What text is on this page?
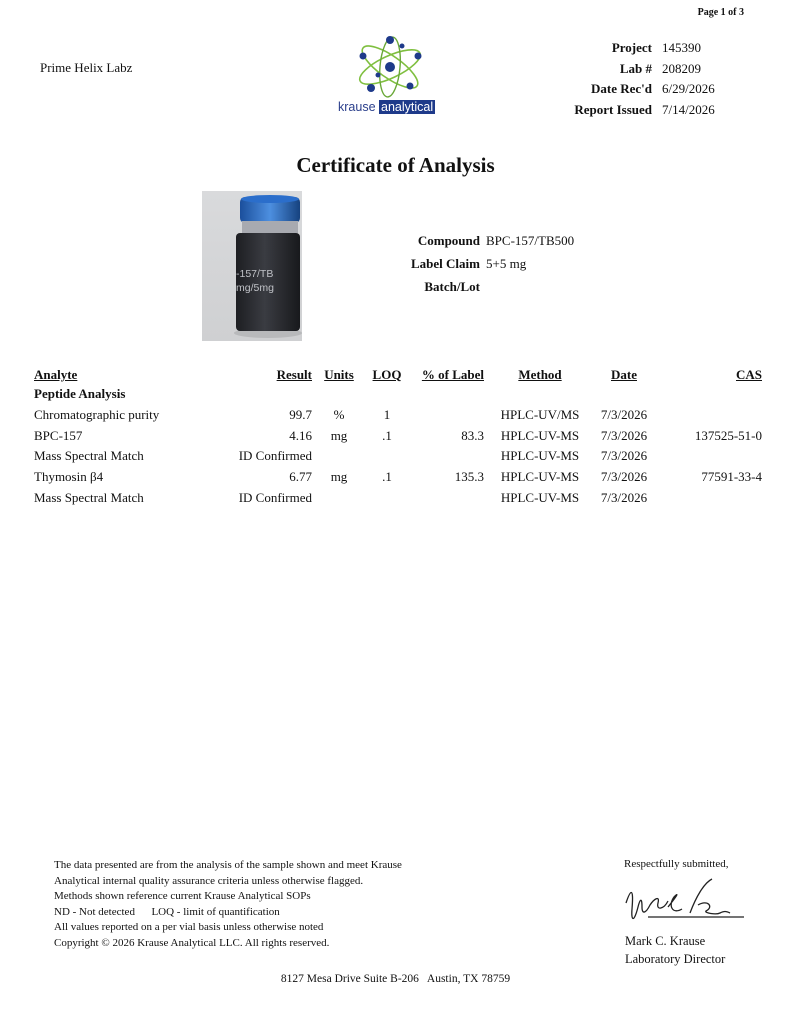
Page 1 of 3
Prime Helix Labz
krause analytical
Project 145390
Lab # 208209
Date Rec'd 6/29/2026
Report Issued 7/14/2026
Certificate of Analysis
-157/TB
mg/5mg
Compound BPC-157/TB500
Label Claim 5+5 mg
Batch/Lot
Analyte	Result	Units	LOQ	% of Label	Method	Date	CAS
Peptide Analysis							
Chromatographic purity	99.7	%	1		HPLC-UV/MS	7/3/2026	
BPC-157	4.16	mg	.1	83.3	HPLC-UV-MS	7/3/2026	137525-51-0
Mass Spectral Match	ID Confirmed				HPLC-UV-MS	7/3/2026	
Thymosin β4	6.77	mg	.1	135.3	HPLC-UV-MS	7/3/2026	77591-33-4
Mass Spectral Match	ID Confirmed				HPLC-UV-MS	7/3/2026	
The data presented are from the analysis of the sample shown and meet Krause
Analytical internal quality assurance criteria unless otherwise flagged.
Methods shown reference current Krause Analytical SOPs
ND - Not detected      LOQ - limit of quantification
All values reported on a per vial basis unless otherwise noted
Copyright © 2026 Krause Analytical LLC. All rights reserved.
Respectfully submitted,
Mark C. Krause
Laboratory Director
8127 Mesa Drive Suite B-206   Austin, TX 78759
